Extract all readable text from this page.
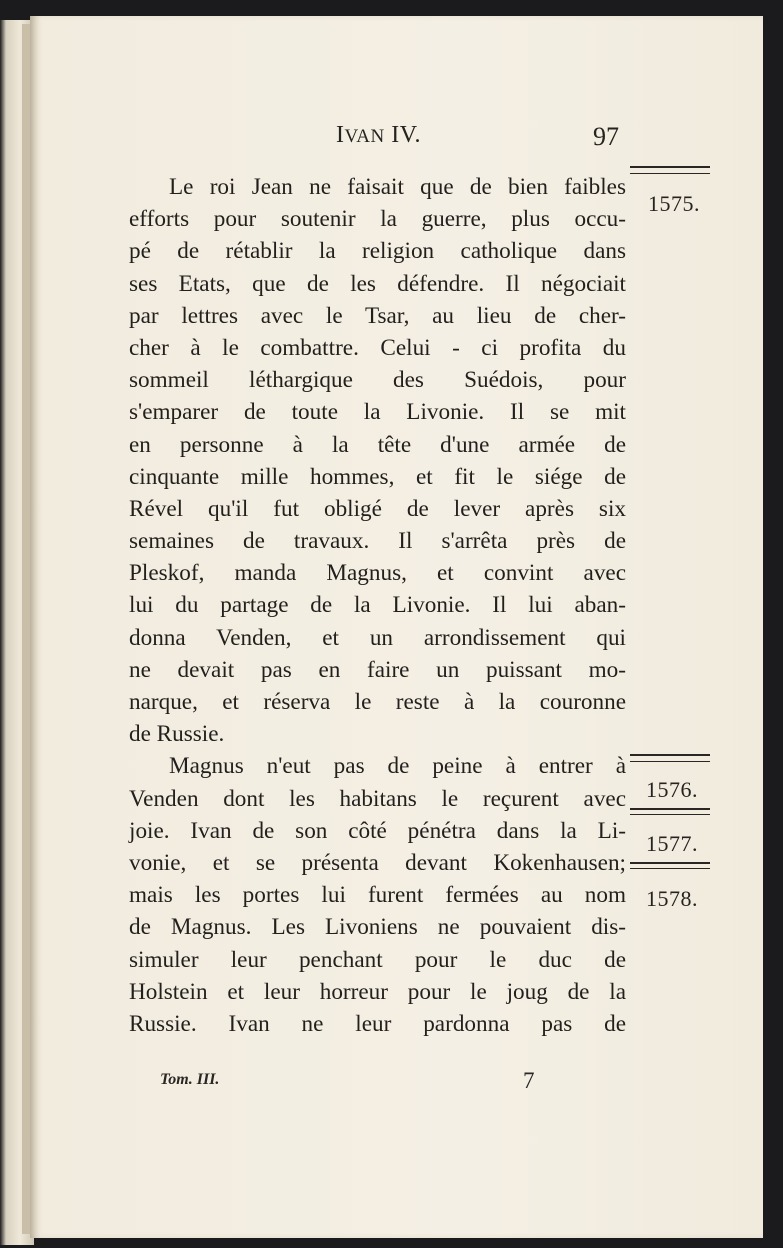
IVAN IV.	97
Le roi Jean ne faisait que de bien faibles
efforts pour soutenir la guerre, plus occu-
pé de rétablir la religion catholique dans
ses Etats, que de les défendre. Il négociait
par lettres avec le Tsar, au lieu de cher-
cher à le combattre. Celui - ci profita du
sommeil léthargique des Suédois, pour
s'emparer de toute la Livonie. Il se mit
en personne à la tête d'une armée de
cinquante mille hommes, et fit le siége de
Rével qu'il fut obligé de lever après six
semaines de travaux. Il s'arrêta près de
Pleskof, manda Magnus, et convint avec
lui du partage de la Livonie. Il lui aban-
donna Venden, et un arrondissement qui
ne devait pas en faire un puissant mo-
narque, et réserva le reste à la couronne
de Russie.
Magnus n'eut pas de peine à entrer à
Venden dont les habitans le reçurent avec
joie. Ivan de son côté pénétra dans la Li-
vonie, et se présenta devant Kokenhausen;
mais les portes lui furent fermées au nom
de Magnus. Les Livoniens ne pouvaient dis-
simuler leur penchant pour le duc de
Holstein et leur horreur pour le joug de la
Russie. Ivan ne leur pardonna pas de
1575.
1576.
1577.
1578.
Tom. III.	7
